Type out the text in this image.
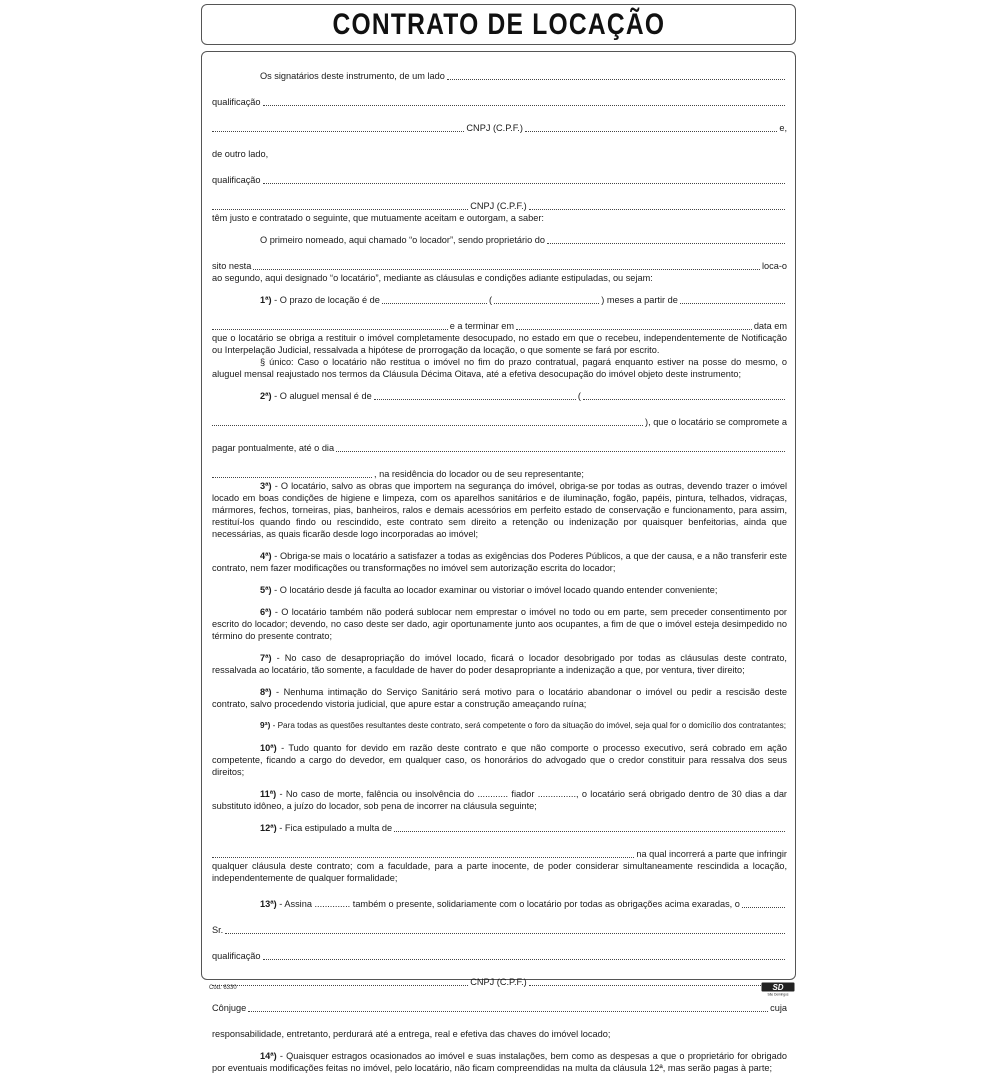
CONTRATO DE LOCAÇÃO
Os signatários deste instrumento, de um lado
qualificação
CNPJ (C.P.F.)	e,
de outro lado,
qualificação
CNPJ (C.P.F.)
têm justo e contratado o seguinte, que mutuamente aceitam e outorgam, a saber:
O primeiro nomeado, aqui chamado “o locador”, sendo proprietário do
sito nesta	loca-o
ao segundo, aqui designado “o locatário”, mediante as cláusulas e condições adiante estipuladas, ou sejam:
1ª)
- O prazo de locação é de	(	) meses a partir de
e a terminar em	data em
que o locatário se obriga a restituir o imóvel completamente desocupado, no estado em que o recebeu, independentemente de Notificação ou Interpelação Judicial, ressalvada a hipótese de prorrogação da locação, o que somente se fará por escrito.
§ único: Caso o locatário não restitua o imóvel no fim do prazo contratual, pagará enquanto estiver na posse do mesmo, o aluguel mensal reajustado nos termos da Cláusula Décima Oitava, até a efetiva desocupação do imóvel objeto deste instrumento;
2ª)
- O aluguel mensal é de	(
), que o locatário se compromete a
pagar pontualmente, até o dia
, na residência do locador ou de seu representante;
3ª) - O locatário, salvo as obras que importem na segurança do imóvel, obriga-se por todas as outras, devendo trazer o imóvel locado em boas condições de higiene e limpeza, com os aparelhos sanitários e de iluminação, fogão, papéis, pintura, telhados, vidraças, mármores, fechos, torneiras, pias, banheiros, ralos e demais acessórios em perfeito estado de conservação e funcionamento, para assim, restituí-los quando findo ou rescindido, este contrato sem direito a retenção ou indenização por quaisquer benfeitorias, ainda que necessárias, as quais ficarão desde logo incorporadas ao imóvel;
4ª) - Obriga-se mais o locatário a satisfazer a todas as exigências dos Poderes Públicos, a que der causa, e a não transferir este contrato, nem fazer modificações ou transformações no imóvel sem autorização escrita do locador;
5ª) - O locatário desde já faculta ao locador examinar ou vistoriar o imóvel locado quando entender conveniente;
6ª) - O locatário também não poderá sublocar nem emprestar o imóvel no todo ou em parte, sem preceder consentimento por escrito do locador; devendo, no caso deste ser dado, agir oportunamente junto aos ocupantes, a fim de que o imóvel esteja desimpedido no término do presente contrato;
7ª) - No caso de desapropriação do imóvel locado, ficará o locador desobrigado por todas as cláusulas deste contrato, ressalvada ao locatário, tão somente, a faculdade de haver do poder desapropriante a indenização a que, por ventura, tiver direito;
8ª) - Nenhuma intimação do Serviço Sanitário será motivo para o locatário abandonar o imóvel ou pedir a rescisão deste contrato, salvo procedendo vistoria judicial, que apure estar a construção ameaçando ruína;
9ª) - Para todas as questões resultantes deste contrato, será competente o foro da situação do imóvel, seja qual for o domicílio dos contratantes;
10ª) - Tudo quanto for devido em razão deste contrato e que não comporte o processo executivo, será cobrado em ação competente, ficando a cargo do devedor, em qualquer caso, os honorários do advogado que o credor constituir para ressalva dos seus direitos;
11ª) - No caso de morte, falência ou insolvência do ............ fiador ..............., o locatário será obrigado dentro de 30 dias a dar substituto idôneo, a juízo do locador, sob pena de incorrer na cláusula seguinte;
12ª)
- Fica estipulado a multa de
na qual incorrerá a parte que infringir
qualquer cláusula deste contrato; com a faculdade, para a parte inocente, de poder considerar simultaneamente rescindida a locação, independentemente de qualquer formalidade;
13ª)
- Assina .............. também o presente, solidariamente com o locatário por todas as obrigações acima exaradas, o
Sr.
qualificação
CNPJ (C.P.F.)
Cônjuge	cuja
responsabilidade, entretanto, perdurará até a entrega, real e efetiva das chaves do imóvel locado;
14ª) - Quaisquer estragos ocasionados ao imóvel e suas instalações, bem como as despesas a que o proprietário for obrigado por eventuais modificações feitas no imóvel, pelo locatário, não ficam compreendidas na multa da cláusula 12ª, mas serão pagas à parte;
Cód. 6330	SD
São Domingos
